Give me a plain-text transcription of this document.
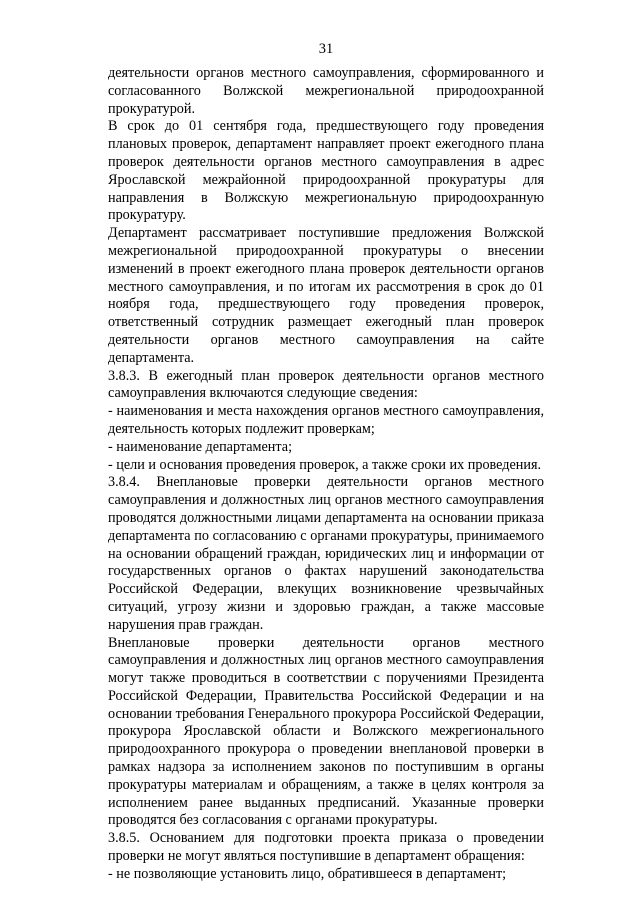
31

деятельности органов местного самоуправления, сформированного и согласованного Волжской межрегиональной природоохранной прокуратурой.

В срок до 01 сентября года, предшествующего году проведения плановых проверок, департамент направляет проект ежегодного плана проверок деятельности органов местного самоуправления в адрес Ярославской межрайонной природоохранной прокуратуры для направления в Волжскую межрегиональную природоохранную прокуратуру.

Департамент рассматривает поступившие предложения Волжской межрегиональной природоохранной прокуратуры о внесении изменений в проект ежегодного плана проверок деятельности органов местного самоуправления, и по итогам их рассмотрения в срок до 01 ноября года, предшествующего году проведения проверок, ответственный сотрудник размещает ежегодный план проверок деятельности органов местного самоуправления на сайте департамента.

3.8.3. В ежегодный план проверок деятельности органов местного самоуправления включаются следующие сведения:

- наименования и места нахождения органов местного самоуправления, деятельность которых подлежит проверкам;

- наименование департамента;

- цели и основания проведения проверок, а также сроки их проведения.

3.8.4. Внеплановые проверки деятельности органов местного самоуправления и должностных лиц органов местного самоуправления проводятся должностными лицами департамента на основании приказа департамента по согласованию с органами прокуратуры, принимаемого на основании обращений граждан, юридических лиц и информации от государственных органов о фактах нарушений законодательства Российской Федерации, влекущих возникновение чрезвычайных ситуаций, угрозу жизни и здоровью граждан, а также массовые нарушения прав граждан.

Внеплановые проверки деятельности органов местного самоуправления и должностных лиц органов местного самоуправления могут также проводиться в соответствии с поручениями Президента Российской Федерации, Правительства Российской Федерации и на основании требования Генерального прокурора Российской Федерации, прокурора Ярославской области и Волжского межрегионального природоохранного прокурора о проведении внеплановой проверки в рамках надзора за исполнением законов по поступившим в органы прокуратуры материалам и обращениям, а также в целях контроля за исполнением ранее выданных предписаний. Указанные проверки проводятся без согласования с органами прокуратуры.

3.8.5. Основанием для подготовки проекта приказа о проведении проверки не могут являться поступившие в департамент обращения:

- не позволяющие установить лицо, обратившееся в департамент;
